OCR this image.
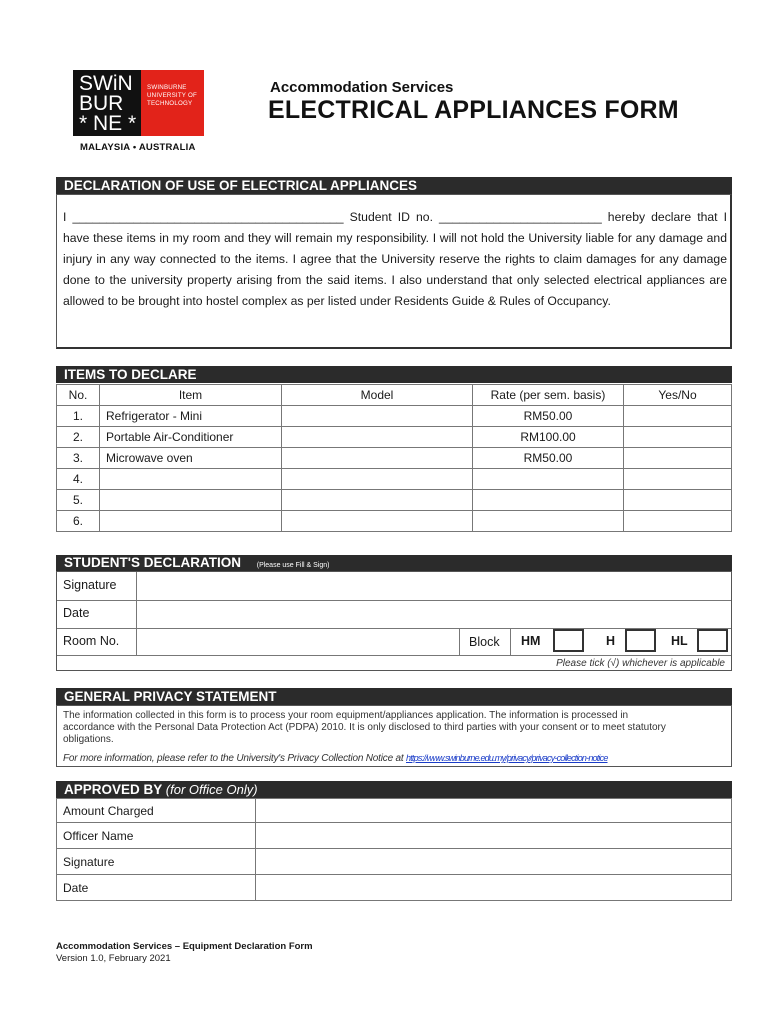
SWiN
BUR
* NE *
SWINBURNE
UNIVERSITY OF
TECHNOLOGY
MALAYSIA • AUSTRALIA
Accommodation Services
ELECTRICAL APPLIANCES FORM
DECLARATION OF USE OF ELECTRICAL APPLIANCES
I ________________________________________ Student ID no. ________________________ hereby declare that I have these items in my room and they will remain my responsibility. I will not hold the University liable for any damage and injury in any way connected to the items. I agree that the University reserve the rights to claim damages for any damage done to the university property arising from the said items. I also understand that only selected electrical appliances are allowed to be brought into hostel complex as per listed under Residents Guide & Rules of Occupancy.
ITEMS TO DECLARE
No.	Item	Model	Rate (per sem. basis)	Yes/No
1.	Refrigerator - Mini		RM50.00	
2.	Portable Air-Conditioner		RM100.00	
3.	Microwave oven		RM50.00	
4.				
5.				
6.				
STUDENT'S DECLARATION (Please use Fill & Sign)
Signature
Date
Room No.	Block HM	H	HL
Please tick (√) whichever is applicable
GENERAL PRIVACY STATEMENT
The information collected in this form is to process your room equipment/appliances application. The information is processed in accordance with the Personal Data Protection Act (PDPA) 2010. It is only disclosed to third parties with your consent or to meet statutory obligations.
For more information, please refer to the University's Privacy Collection Notice at https://www.swinburne.edu.my/privacy/privacy-collection-notice
APPROVED BY (for Office Only)
Amount Charged	
Officer Name	
Signature	
Date	
Accommodation Services – Equipment Declaration Form
Version 1.0, February 2021
